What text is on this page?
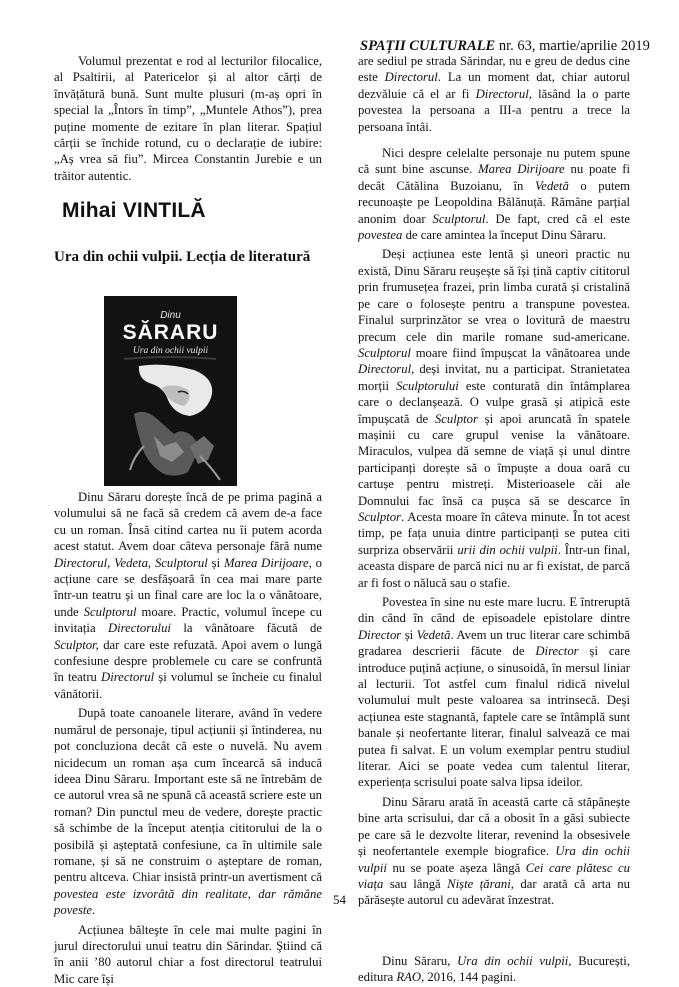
SPAȚII CULTURALE nr. 63, martie/aprilie 2019

Volumul prezentat e rod al lecturilor filocalice, al Psaltirii, al Patericelor și al altor cărți de învățătură bună. Sunt multe plusuri (m-aș opri în special la „Întors în timp”, „Muntele Athos”), prea puține momente de ezitare în plan literar. Spațiul cărții se închide rotund, cu o declarație de iubire: „Aș vrea să fiu”. Mircea Constantin Jurebie e un trăitor autentic.

Mihai VINTILĂ
Ura din ochii vulpii. Lecția de literatură
Dinu
SĂRARU
Ura din ochii vulpii

Dinu Săraru dorește încă de pe prima pagină a volumului să ne facă să credem că avem de-a face cu un roman. Însă citind cartea nu îi putem acorda acest statut. Avem doar câteva personaje fără nume Directorul, Vedeta, Sculptorul și Marea Dirijoare, o acțiune care se desfășoară în cea mai mare parte într-un teatru și un final care are loc la o vânătoare, unde Sculptorul moare. Practic, volumul începe cu invitația Directorului la vânătoare făcută de Sculptor, dar care este refuzată. Apoi avem o lungă confesiune despre problemele cu care se confruntă în teatru Directorul și volumul se încheie cu finalul vânătorii.

După toate canoanele literare, având în vedere numărul de personaje, tipul acțiunii și întinderea, nu pot concluziona decât că este o nuvelă. Nu avem nicidecum un roman așa cum încearcă să inducă ideea Dinu Săraru. Important este să ne întrebăm de ce autorul vrea să ne spună că această scriere este un roman? Din punctul meu de vedere, dorește practic să schimbe de la început atenția cititorului de la o posibilă și așteptată confesiune, ca în ultimile sale romane, și să ne construim o așteptare de roman, pentru altceva. Chiar insistă printr-un avertisment că povestea este izvorâtă din realitate, dar rămâne poveste.

Acțiunea bălteşte în cele mai multe pagini în jurul directorului unui teatru din Sărindar. Ştiind că în anii ’80 autorul chiar a fost directorul teatrului Mic care își

are sediul pe strada Sărindar, nu e greu de dedus cine este Directorul. La un moment dat, chiar autorul dezvăluie că el ar fi Directorul, lăsând la o parte povestea la persoana a III-a pentru a trece la persoana întâi.

Nici despre celelalte personaje nu putem spune că sunt bine ascunse. Marea Dirijoare nu poate fi decât Cătălina Buzoianu, în Vedetă o putem recunoaște pe Leopoldina Bălănuță. Rămâne parțial anonim doar Sculptorul. De fapt, cred că el este povestea de care amintea la început Dinu Săraru.

Deși acțiunea este lentă și uneori practic nu există, Dinu Săraru reușește să își țină captiv cititorul prin frumusețea frazei, prin limba curată și cristalină pe care o folosește pentru a transpune povestea. Finalul surprinzător se vrea o lovitură de maestru precum cele din marile romane sud-americane. Sculptorul moare fiind împușcat la vânătoarea unde Directorul, deși invitat, nu a participat. Stranietatea morții Sculptorului este conturată din întâmplarea care o declanșează. O vulpe grasă și atipică este împușcată de Sculptor și apoi aruncată în spatele mașinii cu care grupul venise la vânătoare. Miraculos, vulpea dă semne de viață și unul dintre participanți dorește să o împuște a doua oară cu cartușe pentru mistreți. Misterioasele căi ale Domnului fac însă ca pușca să se descarce în Sculptor. Acesta moare în câteva minute. În tot acest timp, pe fața unuia dintre participanți se putea citi surpriza observării urii din ochii vulpii. Într-un final, aceasta dispare de parcă nici nu ar fi existat, de parcă ar fi fost o nălucă sau o stafie.

Povestea în sine nu este mare lucru. E întreruptă din când în când de episoadele epistolare dintre Director și Vedetă. Avem un truc literar care schimbă gradarea descrierii făcute de Director și care introduce puțină acțiune, o sinusoidă, în mersul liniar al lecturii. Tot astfel cum finalul ridică nivelul volumului mult peste valoarea sa intrinsecă. Deși acțiunea este stagnantă, faptele care se întâmplă sunt banale și neofertante literar, finalul salvează ce mai putea fi salvat. E un volum exemplar pentru studiul literar. Aici se poate vedea cum talentul literar, experiența scrisului poate salva lipsa ideilor.

Dinu Săraru arată în această carte că stăpânește bine arta scrisului, dar că a obosit în a găsi subiecte pe care să le dezvolte literar, revenind la obsesivele și neofertantele exemple biografice. Ura din ochii vulpii nu se poate așeza lângă Cei care plătesc cu viața sau lângă Niște țărani, dar arată că arta nu părăsește autorul cu adevărat înzestrat.

Dinu Săraru, Ura din ochii vulpii, București, editura RAO, 2016, 144 pagini.

54
